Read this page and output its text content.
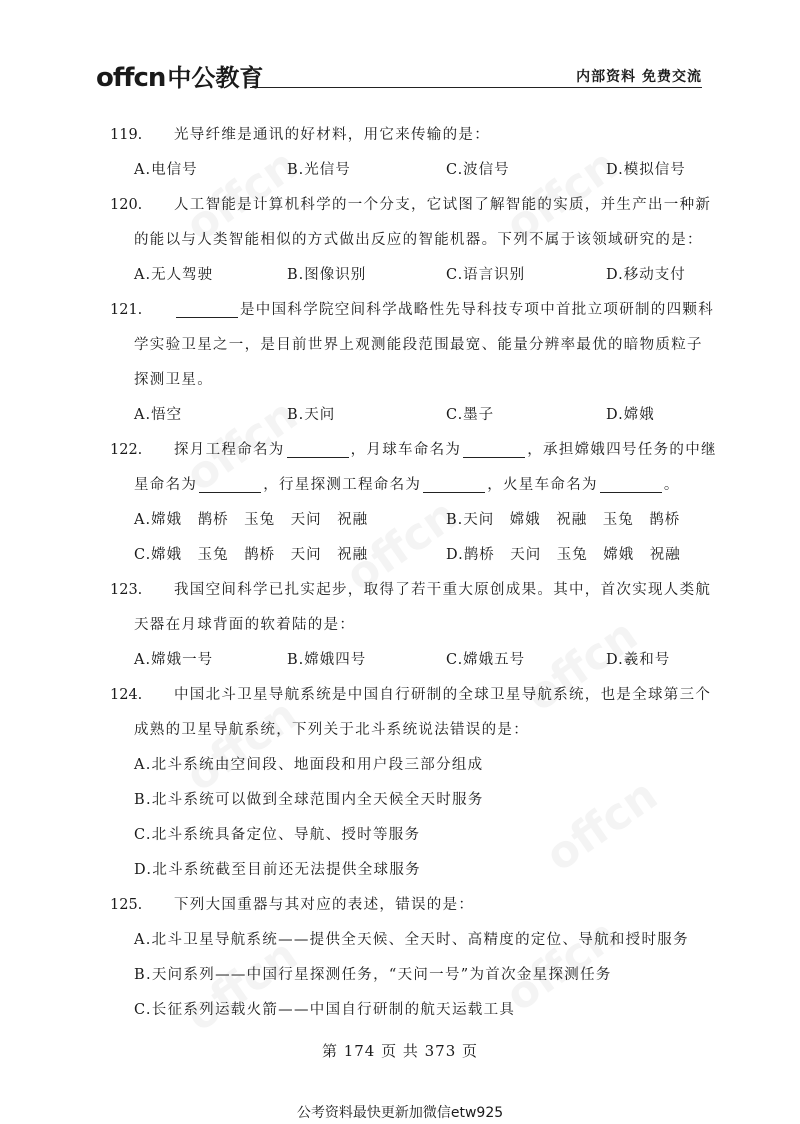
offcn中公教育	内部资料 免费交流
119. 光导纤维是通讯的好材料，用它来传输的是：
A.电信号	B.光信号	C.波信号	D.模拟信号
120. 人工智能是计算机科学的一个分支，它试图了解智能的实质，并生产出一种新
的能以与人类智能相似的方式做出反应的智能机器。下列不属于该领域研究的是：
A.无人驾驶	B.图像识别	C.语言识别	D.移动支付
121.	是中国科学院空间科学战略性先导科技专项中首批立项研制的四颗科
学实验卫星之一，是目前世界上观测能段范围最宽、能量分辨率最优的暗物质粒子
探测卫星。
A.悟空	B.天问	C.墨子	D.嫦娥
122. 探月工程命名为	，月球车命名为	，承担嫦娥四号任务的中继
星命名为	，行星探测工程命名为	，火星车命名为	。
A.嫦娥　鹊桥　玉兔　天问　祝融	B.天问　嫦娥　祝融　玉兔　鹊桥
C.嫦娥　玉兔　鹊桥　天问　祝融	D.鹊桥　天问　玉兔　嫦娥　祝融
123. 我国空间科学已扎实起步，取得了若干重大原创成果。其中，首次实现人类航
天器在月球背面的软着陆的是：
A.嫦娥一号	B.嫦娥四号	C.嫦娥五号	D.羲和号
124. 中国北斗卫星导航系统是中国自行研制的全球卫星导航系统，也是全球第三个
成熟的卫星导航系统，下列关于北斗系统说法错误的是：
A.北斗系统由空间段、地面段和用户段三部分组成
B.北斗系统可以做到全球范围内全天候全天时服务
C.北斗系统具备定位、导航、授时等服务
D.北斗系统截至目前还无法提供全球服务
125. 下列大国重器与其对应的表述，错误的是：
A.北斗卫星导航系统——提供全天候、全天时、高精度的定位、导航和授时服务
B.天问系列——中国行星探测任务，“天问一号”为首次金星探测任务
C.长征系列运载火箭——中国自行研制的航天运载工具
第 174 页 共 373 页
公考资料最快更新加微信etw925
